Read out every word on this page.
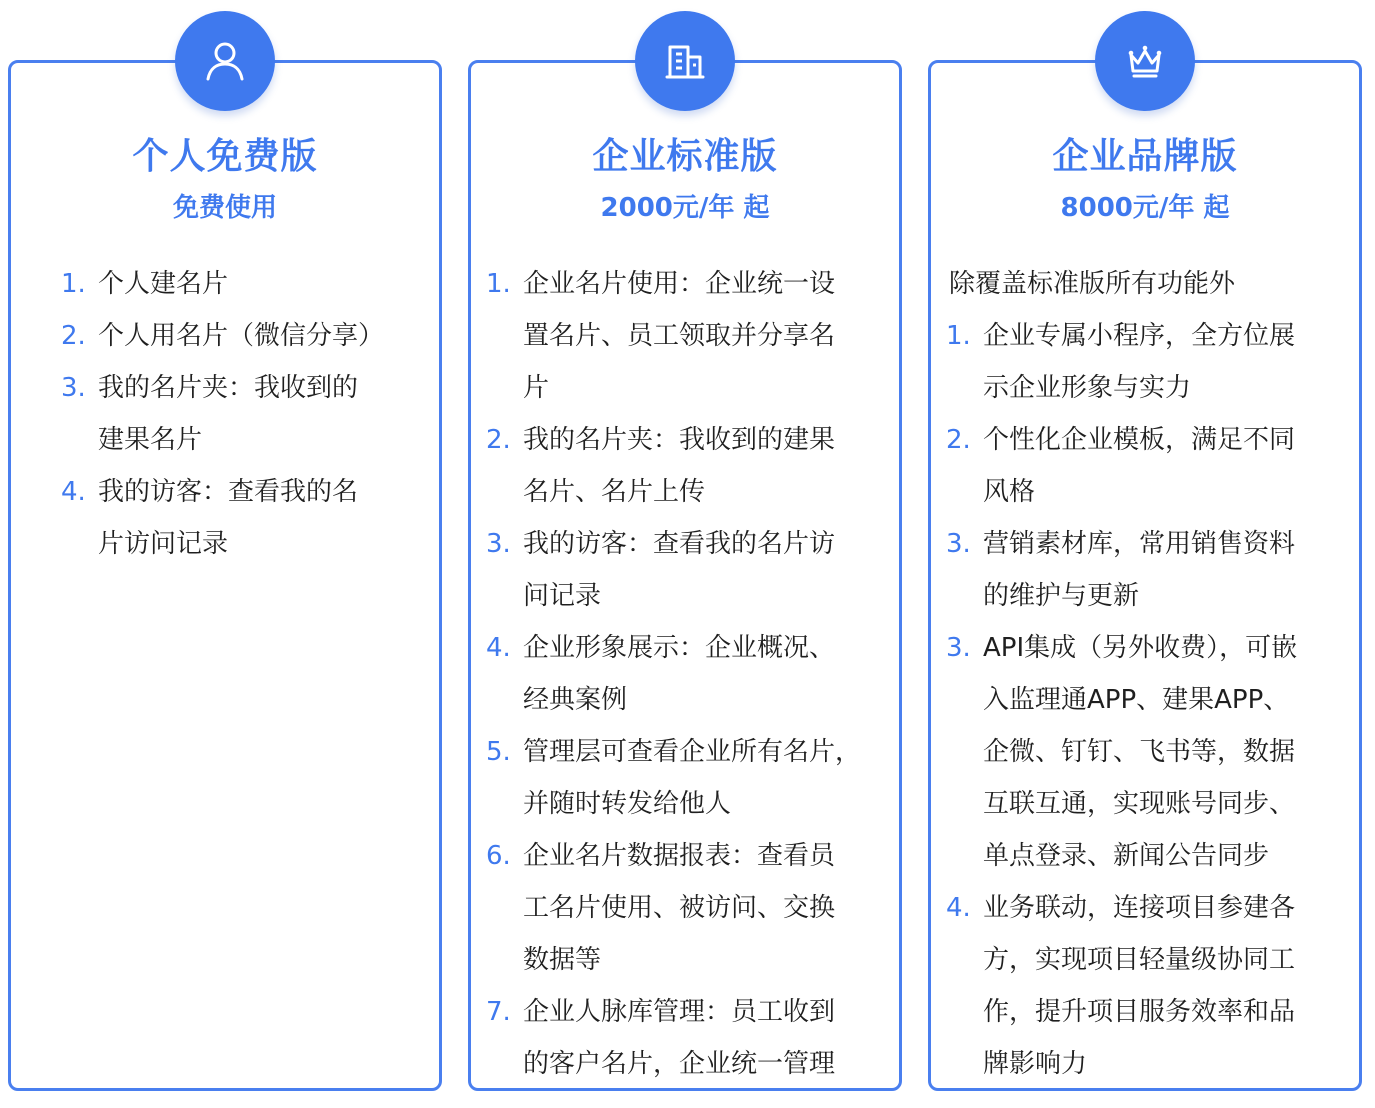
个人免费版
免费使用
1. 个人建名片
2. 个人用名片（微信分享）
3. 我的名片夹：我收到的
建果名片
4. 我的访客：查看我的名
片访问记录
企业标准版
2000元/年 起
1. 企业名片使用：企业统一设
置名片、员工领取并分享名
片
2. 我的名片夹：我收到的建果
名片、名片上传
3. 我的访客：查看我的名片访
问记录
4. 企业形象展示：企业概况、
经典案例
5. 管理层可查看企业所有名片，
并随时转发给他人
6. 企业名片数据报表：查看员
工名片使用、被访问、交换
数据等
7. 企业人脉库管理：员工收到
的客户名片，企业统一管理
企业品牌版
8000元/年 起

除覆盖标准版所有功能外

1. 企业专属小程序，全方位展
示企业形象与实力
2. 个性化企业模板，满足不同
风格
3. 营销素材库，常用销售资料
的维护与更新
3. API集成（另外收费），可嵌
入监理通APP、建果APP、
企微、钉钉、飞书等，数据
互联互通，实现账号同步、
单点登录、新闻公告同步
4. 业务联动，连接项目参建各
方，实现项目轻量级协同工
作，提升项目服务效率和品
牌影响力
